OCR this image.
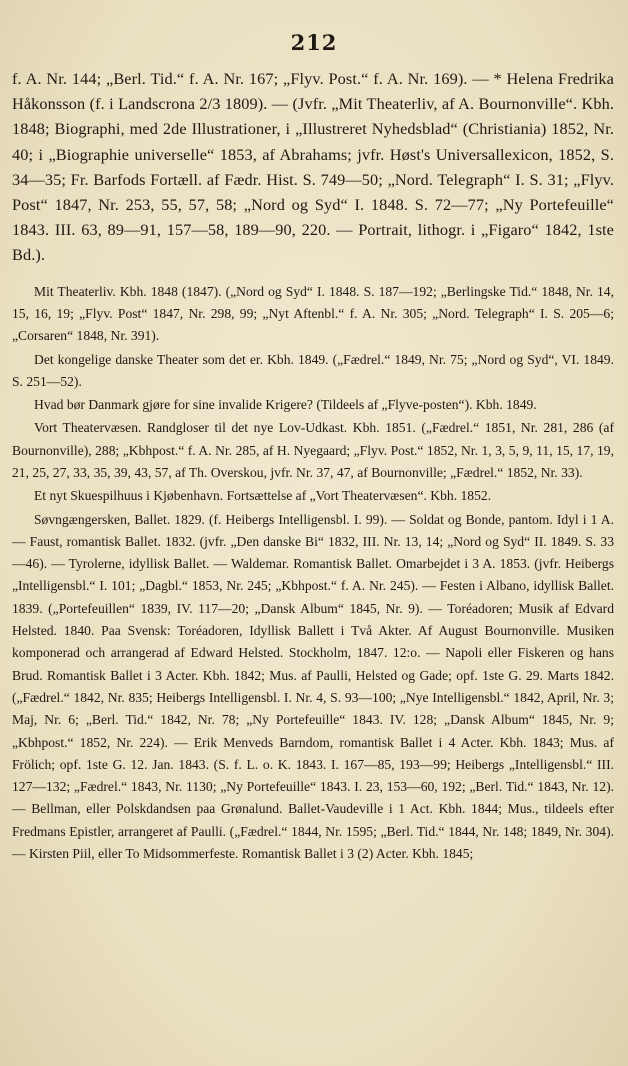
212

f. A. Nr. 144; „Berl. Tid.“ f. A. Nr. 167; „Flyv. Post.“ f. A. Nr. 169). — * Helena Fredrika Håkonsson (f. i Landscrona 2/3 1809). — (Jvfr. „Mit Theaterliv, af A. Bournonville“. Kbh. 1848; Biographi, med 2de Illustrationer, i „Illustreret Nyhedsblad“ (Christiania) 1852, Nr. 40; i „Biographie universelle“ 1853, af Abrahams; jvfr. Høst's Universallexicon, 1852, S. 34—35; Fr. Barfods Fortæll. af Fædr. Hist. S. 749—50; „Nord. Telegraph“ I. S. 31; „Flyv. Post“ 1847, Nr. 253, 55, 57, 58; „Nord og Syd“ I. 1848. S. 72—77; „Ny Portefeuille“ 1843. III. 63, 89—91, 157—58, 189—90, 220. — Portrait, lithogr. i „Figaro“ 1842, 1ste Bd.).

Mit Theaterliv. Kbh. 1848 (1847). („Nord og Syd“ I. 1848. S. 187—192; „Berlingske Tid.“ 1848, Nr. 14, 15, 16, 19; „Flyv. Post“ 1847, Nr. 298, 99; „Nyt Aftenbl.“ f. A. Nr. 305; „Nord. Telegraph“ I. S. 205—6; „Corsaren“ 1848, Nr. 391).

Det kongelige danske Theater som det er. Kbh. 1849. („Fædrel.“ 1849, Nr. 75; „Nord og Syd“, VI. 1849. S. 251—52).

Hvad bør Danmark gjøre for sine invalide Krigere? (Tildeels af „Flyve-posten“). Kbh. 1849.

Vort Theatervæsen. Randgloser til det nye Lov-Udkast. Kbh. 1851. („Fædrel.“ 1851, Nr. 281, 286 (af Bournonville), 288; „Kbhpost.“ f. A. Nr. 285, af H. Nyegaard; „Flyv. Post.“ 1852, Nr. 1, 3, 5, 9, 11, 15, 17, 19, 21, 25, 27, 33, 35, 39, 43, 57, af Th. Overskou, jvfr. Nr. 37, 47, af Bournonville; „Fædrel.“ 1852, Nr. 33).

Et nyt Skuespilhuus i Kjøbenhavn. Fortsættelse af „Vort Theatervæsen“. Kbh. 1852.

Søvngængersken, Ballet. 1829. (f. Heibergs Intelligensbl. I. 99). — Soldat og Bonde, pantom. Idyl i 1 A. — Faust, romantisk Ballet. 1832. (jvfr. „Den danske Bi“ 1832, III. Nr. 13, 14; „Nord og Syd“ II. 1849. S. 33—46). — Tyrolerne, idyllisk Ballet. — Waldemar. Romantisk Ballet. Omarbejdet i 3 A. 1853. (jvfr. Heibergs „Intelligensbl.“ I. 101; „Dagbl.“ 1853, Nr. 245; „Kbhpost.“ f. A. Nr. 245). — Festen i Albano, idyllisk Ballet. 1839. („Portefeuillen“ 1839, IV. 117—20; „Dansk Album“ 1845, Nr. 9). — Toréadoren; Musik af Edvard Helsted. 1840. Paa Svensk: Toréadoren, Idyllisk Ballett i Två Akter. Af August Bournonville. Musiken komponerad och arrangerad af Edward Helsted. Stockholm, 1847. 12:o. — Napoli eller Fiskeren og hans Brud. Romantisk Ballet i 3 Acter. Kbh. 1842; Mus. af Paulli, Helsted og Gade; opf. 1ste G. 29. Marts 1842. („Fædrel.“ 1842, Nr. 835; Heibergs Intelligensbl. I. Nr. 4, S. 93—100; „Nye Intelligensbl.“ 1842, April, Nr. 3; Maj, Nr. 6; „Berl. Tid.“ 1842, Nr. 78; „Ny Portefeuille“ 1843. IV. 128; „Dansk Album“ 1845, Nr. 9; „Kbhpost.“ 1852, Nr. 224). — Erik Menveds Barndom, romantisk Ballet i 4 Acter. Kbh. 1843; Mus. af Frölich; opf. 1ste G. 12. Jan. 1843. (S. f. L. o. K. 1843. I. 167—85, 193—99; Heibergs „Intelligensbl.“ III. 127—132; „Fædrel.“ 1843, Nr. 1130; „Ny Portefeuille“ 1843. I. 23, 153—60, 192; „Berl. Tid.“ 1843, Nr. 12). — Bellman, eller Polskdandsen paa Grønalund. Ballet-Vaudeville i 1 Act. Kbh. 1844; Mus., tildeels efter Fredmans Epistler, arrangeret af Paulli. („Fædrel.“ 1844, Nr. 1595; „Berl. Tid.“ 1844, Nr. 148; 1849, Nr. 304). — Kirsten Piil, eller To Midsommerfeste. Romantisk Ballet i 3 (2) Acter. Kbh. 1845;
